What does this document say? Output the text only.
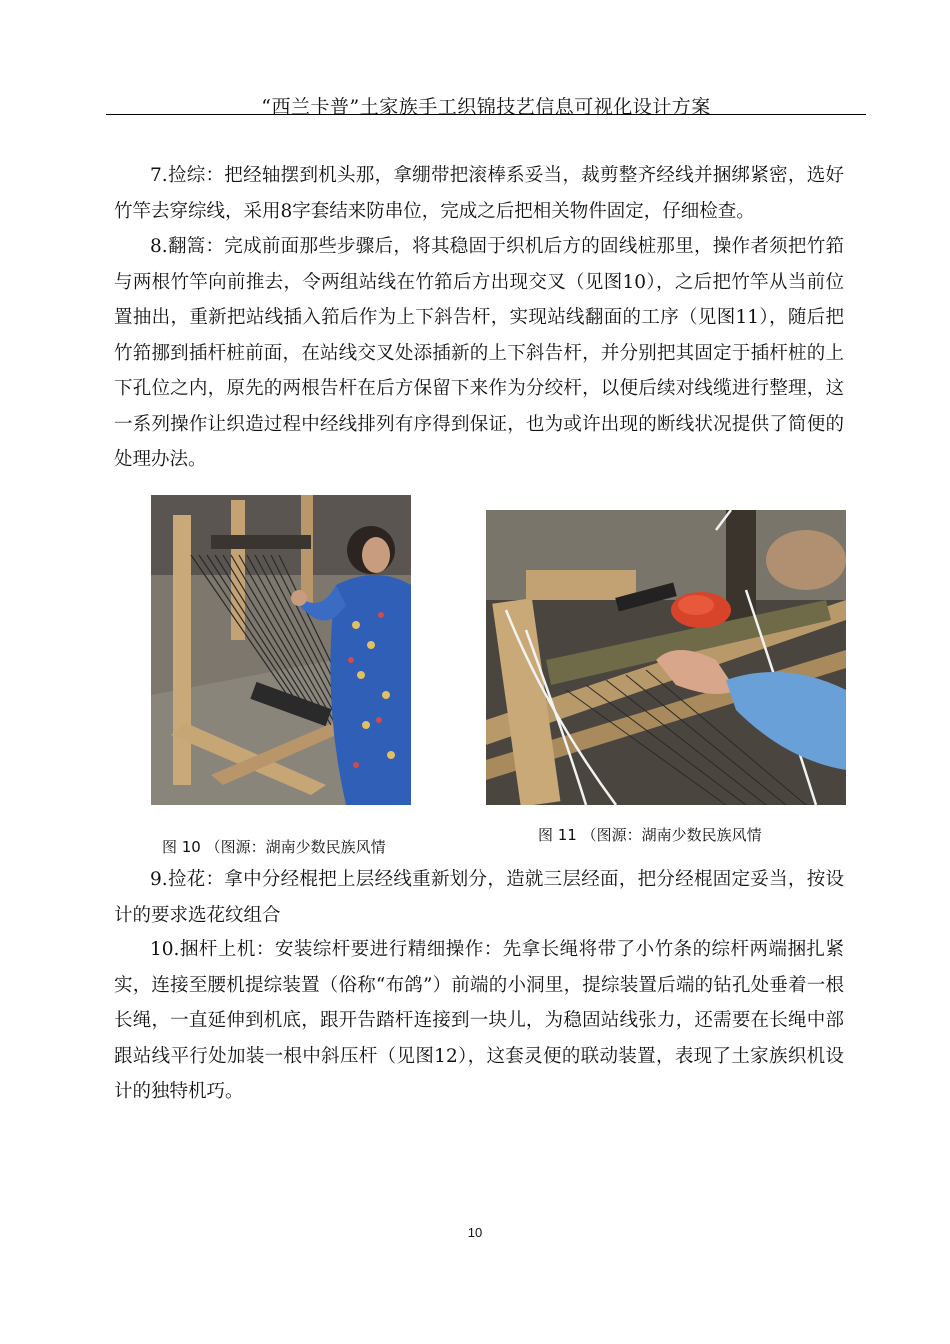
“西兰卡普”土家族手工织锦技艺信息可视化设计方案

7.捡综：把经轴摆到机头那，拿绷带把滚棒系妥当，裁剪整齐经线并捆绑紧密，选好竹竿去穿综线，采用8字套结来防串位，完成之后把相关物件固定，仔细检查。

8.翻篙：完成前面那些步骤后，将其稳固于织机后方的固线桩那里，操作者须把竹筘与两根竹竿向前推去，令两组站线在竹筘后方出现交叉（见图10），之后把竹竿从当前位置抽出，重新把站线插入筘后作为上下斜告杆，实现站线翻面的工序（见图11），随后把竹筘挪到插杆桩前面，在站线交叉处添插新的上下斜告杆，并分别把其固定于插杆桩的上下孔位之内，原先的两根告杆在后方保留下来作为分绞杆，以便后续对线缆进行整理，这一系列操作让织造过程中经线排列有序得到保证，也为或许出现的断线状况提供了简便的处理办法。

图 10 （图源：湖南少数民族风情
图 11 （图源：湖南少数民族风情

9.捡花：拿中分经棍把上层经线重新划分，造就三层经面，把分经棍固定妥当，按设计的要求选花纹组合

10.捆杆上机：安装综杆要进行精细操作：先拿长绳将带了小竹条的综杆两端捆扎紧实，连接至腰机提综装置（俗称“布鸽”）前端的小洞里，提综装置后端的钻孔处垂着一根长绳，一直延伸到机底，跟开告踏杆连接到一块儿，为稳固站线张力，还需要在长绳中部跟站线平行处加装一根中斜压杆（见图12），这套灵便的联动装置，表现了土家族织机设计的独特机巧。

10
